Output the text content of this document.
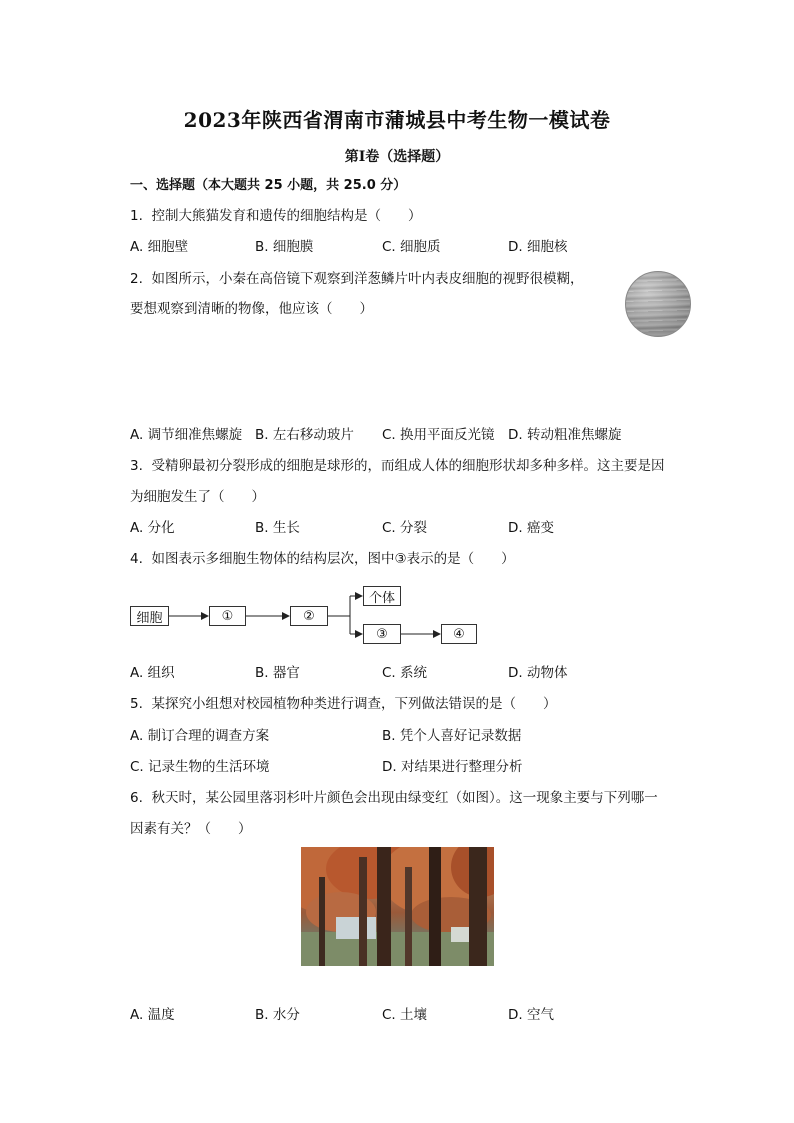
2023年陕西省渭南市蒲城县中考生物一模试卷
第I卷（选择题）
一、选择题（本大题共 25 小题，共 25.0 分）
1. 控制大熊猫发育和遗传的细胞结构是（　　）
A. 细胞壁	B. 细胞膜	C. 细胞质	D. 细胞核
2. 如图所示，小秦在高倍镜下观察到洋葱鳞片叶内表皮细胞的视野很模糊，
要想观察到清晰的物像，他应该（　　）
A. 调节细准焦螺旋 B. 左右移动玻片 C. 换用平面反光镜 D. 转动粗准焦螺旋
3. 受精卵最初分裂形成的细胞是球形的，而组成人体的细胞形状却多种多样。这主要是因
为细胞发生了（　　）
A. 分化	B. 生长	C. 分裂	D. 癌变
4. 如图表示多细胞生物体的结构层次，图中③表示的是（　　）
细胞	①	②
个体
③	④
A. 组织	B. 器官	C. 系统	D. 动物体
5. 某探究小组想对校园植物种类进行调查，下列做法错误的是（　　）
A. 制订合理的调查方案	B. 凭个人喜好记录数据
C. 记录生物的生活环境	D. 对结果进行整理分析
6. 秋天时，某公园里落羽杉叶片颜色会出现由绿变红（如图）。这一现象主要与下列哪一
因素有关？（　　）
A. 温度	B. 水分	C. 土壤	D. 空气
